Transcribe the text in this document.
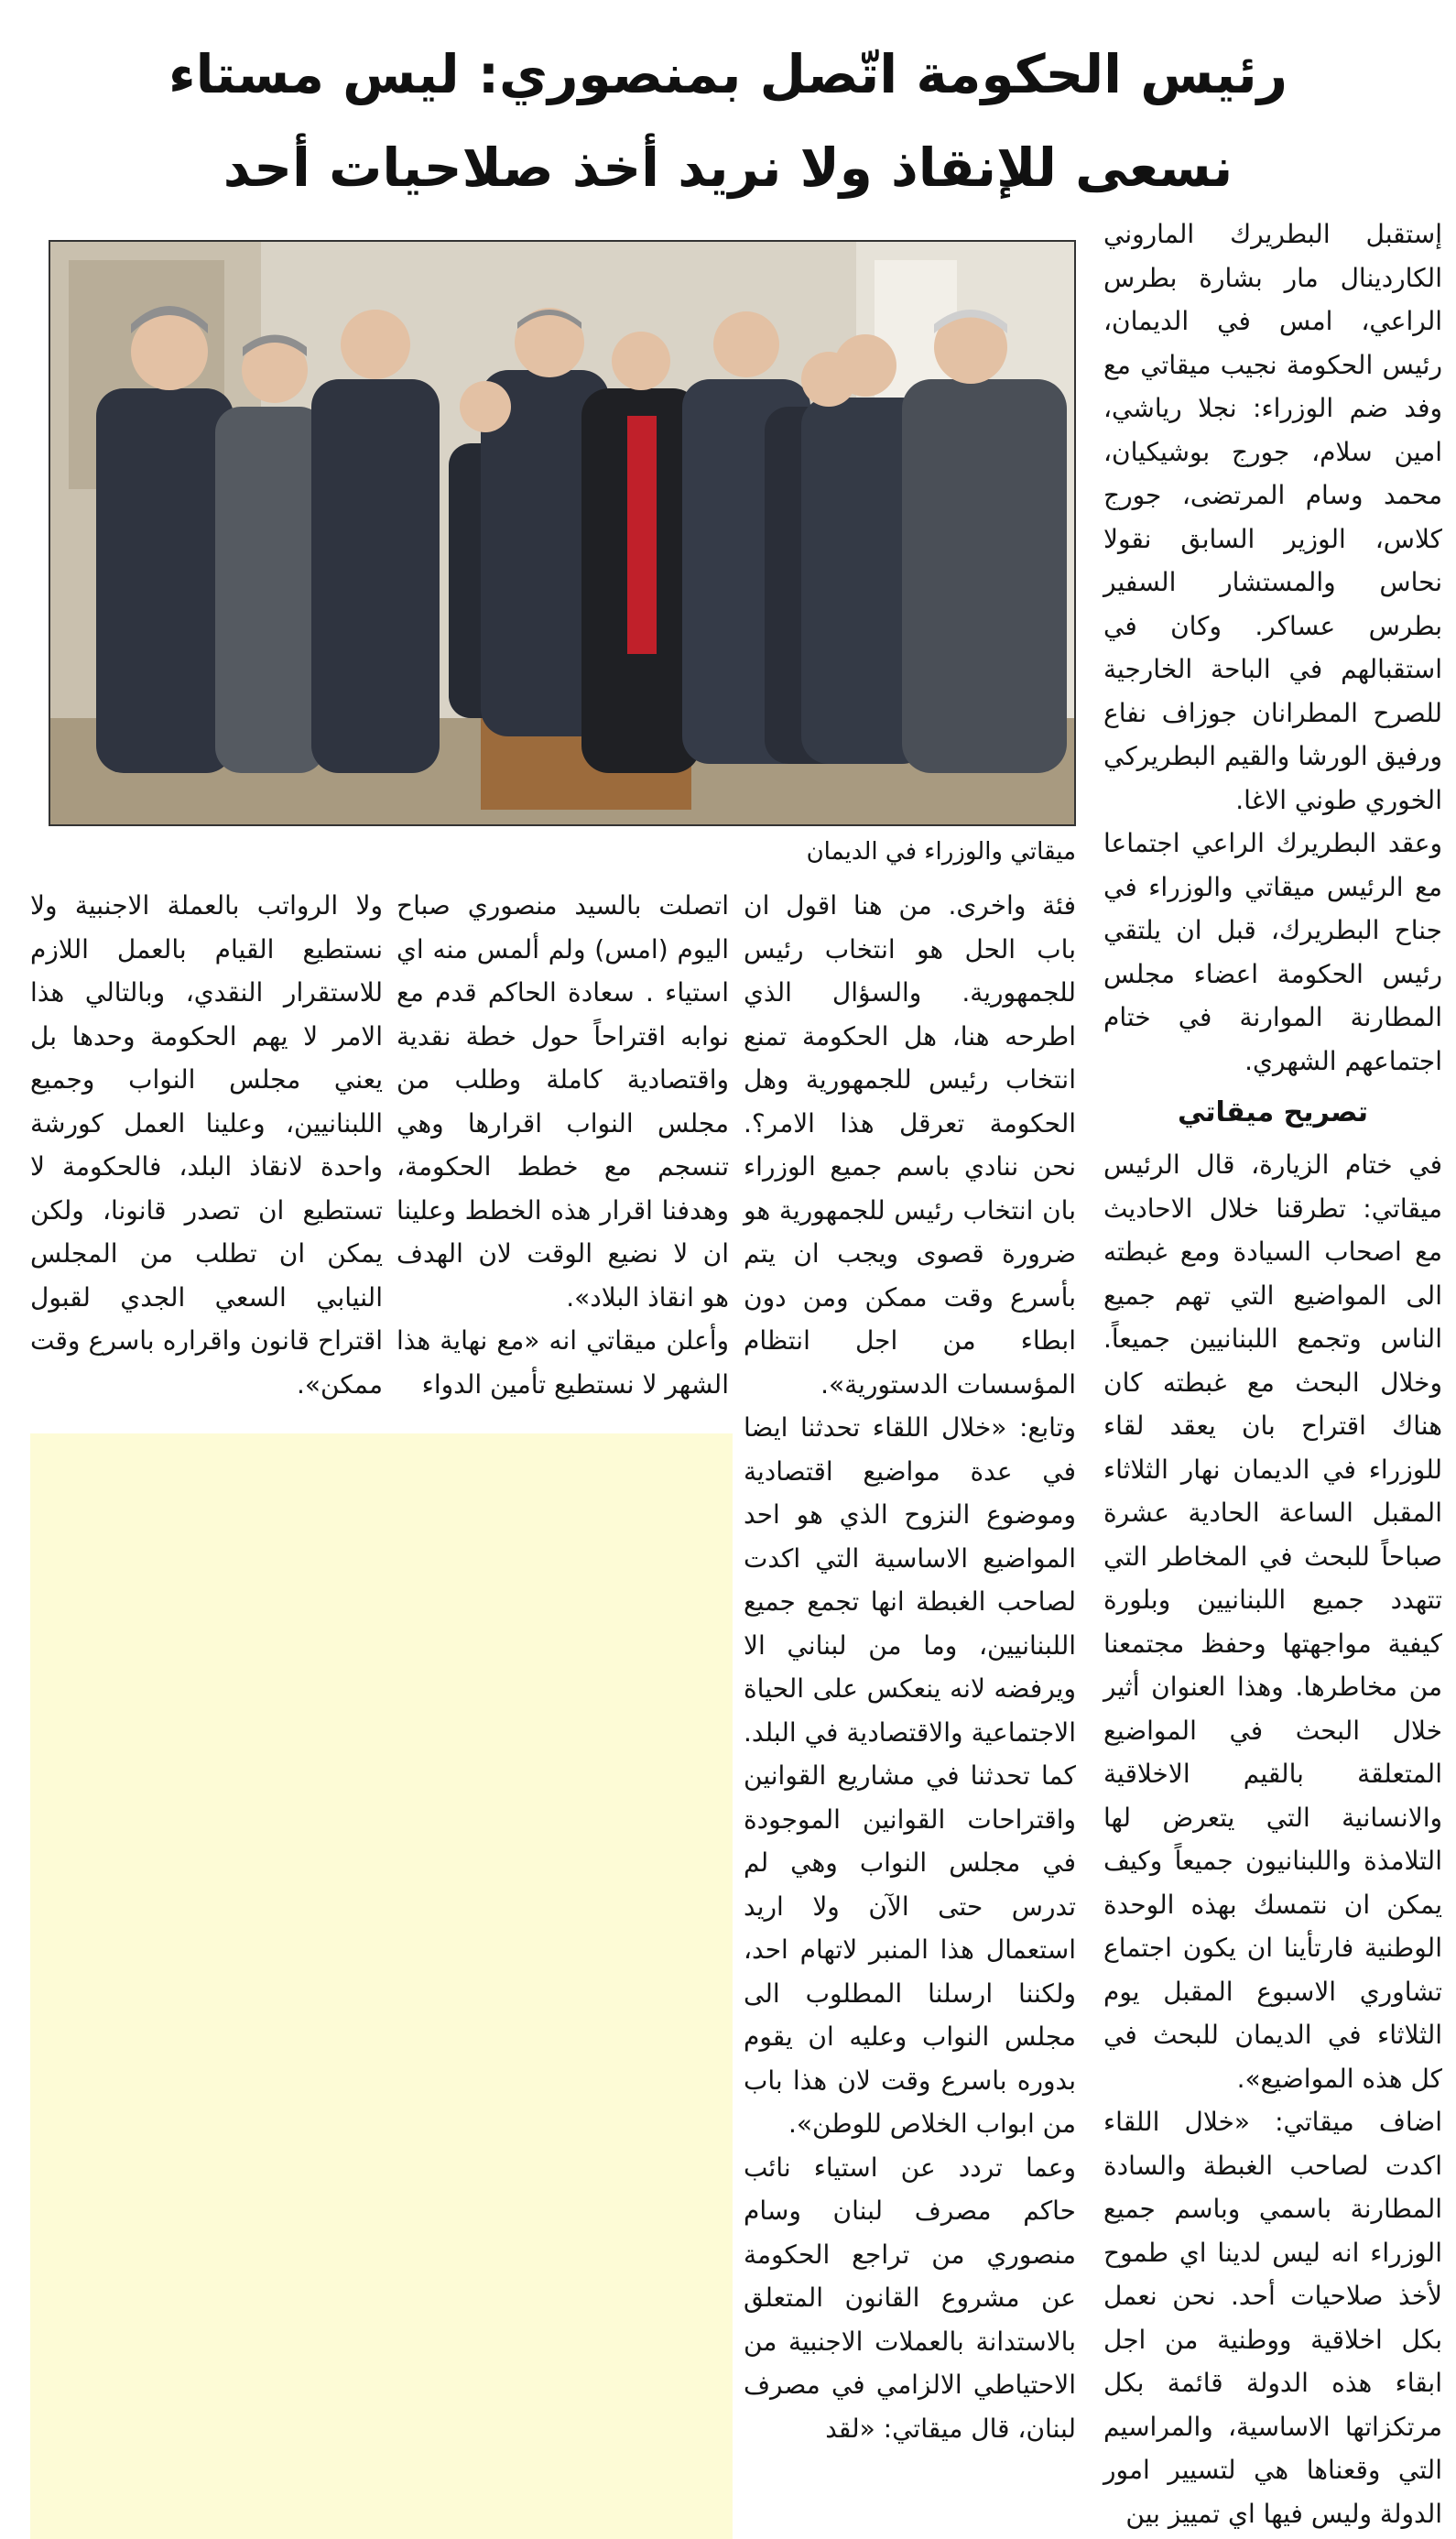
رئيس الحكومة اتّصل بمنصوري: ليس مستاء
نسعى للإنقاذ ولا نريد أخذ صلاحيات أحد
ميقاتي والوزراء في الديمان

إستقبل البطريرك الماروني الكاردينال مار بشارة بطرس الراعي، امس في الديمان، رئيس الحكومة نجيب ميقاتي مع وفد ضم الوزراء: نجلا رياشي، امين سلام، جورج بوشيكيان، محمد وسام المرتضى، جورج كلاس، الوزير السابق نقولا نحاس والمستشار السفير بطرس عساكر. وكان في استقبالهم في الباحة الخارجية للصرح المطرانان جوزاف نفاع ورفيق الورشا والقيم البطريركي الخوري طوني الاغا.

وعقد البطريرك الراعي اجتماعا مع الرئيس ميقاتي والوزراء في جناح البطريرك، قبل ان يلتقي رئيس الحكومة اعضاء مجلس المطارنة الموارنة في ختام اجتماعهم الشهري.

تصريح ميقاتي

في ختام الزيارة، قال الرئيس ميقاتي: تطرقنا خلال الاحاديث مع اصحاب السيادة ومع غبطته الى المواضيع التي تهم جميع الناس وتجمع اللبنانيين جميعاً. وخلال البحث مع غبطته كان هناك اقتراح بان يعقد لقاء للوزراء في الديمان نهار الثلاثاء المقبل الساعة الحادية عشرة صباحاً للبحث في المخاطر التي تتهدد جميع اللبنانيين وبلورة كيفية مواجهتها وحفظ مجتمعنا من مخاطرها. وهذا العنوان أثير خلال البحث في المواضيع المتعلقة بالقيم الاخلاقية والانسانية التي يتعرض لها التلامذة واللبنانيون جميعاً وكيف يمكن ان نتمسك بهذه الوحدة الوطنية فارتأينا ان يكون اجتماع تشاوري الاسبوع المقبل يوم الثلاثاء في الديمان للبحث في كل هذه المواضيع».

اضاف ميقاتي: «خلال اللقاء اكدت لصاحب الغبطة والسادة المطارنة باسمي وباسم جميع الوزراء انه ليس لدينا اي طموح لأخذ صلاحيات أحد. نحن نعمل بكل اخلاقية ووطنية من اجل ابقاء هذه الدولة قائمة بكل مرتكزاتها الاساسية، والمراسيم التي وقعناها هي لتسيير امور الدولة وليس فيها اي تمييز بين

فئة واخرى. من هنا اقول ان باب الحل هو انتخاب رئيس للجمهورية. والسؤال الذي اطرحه هنا، هل الحكومة تمنع انتخاب رئيس للجمهورية وهل الحكومة تعرقل هذا الامر؟. نحن ننادي باسم جميع الوزراء بان انتخاب رئيس للجمهورية هو ضرورة قصوى ويجب ان يتم بأسرع وقت ممكن ومن دون ابطاء من اجل انتظام المؤسسات الدستورية».

وتابع: «خلال اللقاء تحدثنا ايضا في عدة مواضيع اقتصادية وموضوع النزوح الذي هو احد المواضيع الاساسية التي اكدت لصاحب الغبطة انها تجمع جميع اللبنانيين، وما من لبناني الا ويرفضه لانه ينعكس على الحياة الاجتماعية والاقتصادية في البلد. كما تحدثنا في مشاريع القوانين واقتراحات القوانين الموجودة في مجلس النواب وهي لم تدرس حتى الآن ولا اريد استعمال هذا المنبر لاتهام احد، ولكننا ارسلنا المطلوب الى مجلس النواب وعليه ان يقوم بدوره باسرع وقت لان هذا باب من ابواب الخلاص للوطن».

وعما تردد عن استياء نائب حاكم مصرف لبنان وسام منصوري من تراجع الحكومة عن مشروع القانون المتعلق بالاستدانة بالعملات الاجنبية من الاحتياطي الالزامي في مصرف لبنان، قال ميقاتي: «لقد

اتصلت بالسيد منصوري صباح اليوم (امس) ولم ألمس منه اي استياء . سعادة الحاكم قدم مع نوابه اقتراحاً حول خطة نقدية واقتصادية كاملة وطلب من مجلس النواب اقرارها وهي تنسجم مع خطط الحكومة، وهدفنا اقرار هذه الخطط وعلينا ان لا نضيع الوقت لان الهدف هو انقاذ البلاد».

وأعلن ميقاتي انه «مع نهاية هذا الشهر لا نستطيع تأمين الدواء

ولا الرواتب بالعملة الاجنبية ولا نستطيع القيام بالعمل اللازم للاستقرار النقدي، وبالتالي هذا الامر لا يهم الحكومة وحدها بل يعني مجلس النواب وجميع اللبنانيين، وعلينا العمل كورشة واحدة لانقاذ البلد، فالحكومة لا تستطيع ان تصدر قانونا، ولكن يمكن ان تطلب من المجلس النيابي السعي الجدي لقبول اقتراح قانون واقراره باسرع وقت ممكن».
